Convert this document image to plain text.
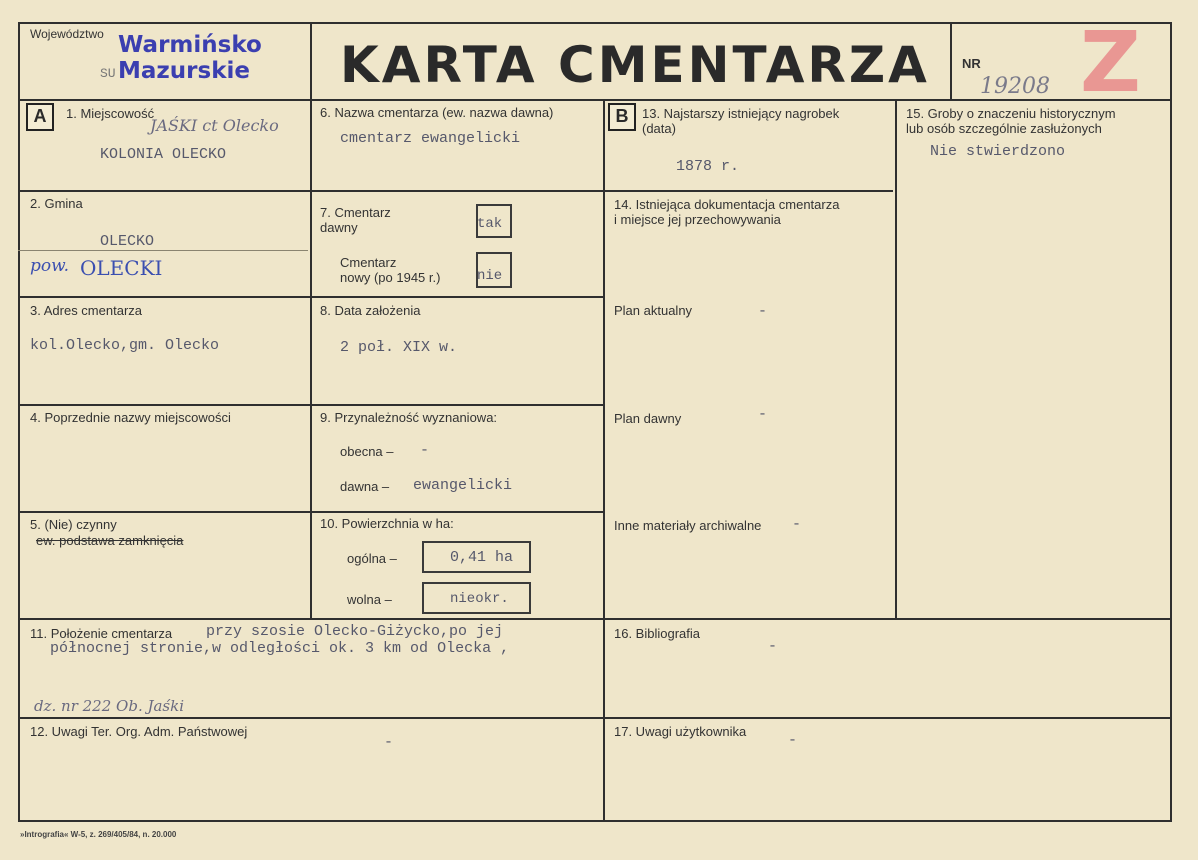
Województwo
SU
Warmińsko
Mazurskie KARTA CMENTARZA NR
19208 Z
A	B
1. Miejscowość
JAŚKI ct Olecko
KOLONIA OLECKO
2. Gmina
OLECKO
pow. OLECKI
3. Adres cmentarza
kol.Olecko,gm. Olecko
4. Poprzednie nazwy miejscowości
5. (Nie) czynny
ew. podstawa zamknięcia
6. Nazwa cmentarza (ew. nazwa dawna)
cmentarz ewangelicki
7. Cmentarz
dawny	tak
Cmentarz
nowy (po 1945 r.)	nie
8. Data założenia
2 poł. XIX w.
9. Przynależność wyznaniowa:
obecna – -
dawna – ewangelicki
10. Powierzchnia w ha:
ogólna –	0,41 ha
wolna –	nieokr.
11. Położenie cmentarza przy szosie Olecko-Giżycko,po jej
północnej stronie,w odległości ok. 3 km od Olecka ,
dz. nr 222 Ob. Jaśki
12. Uwagi Ter. Org. Adm. Państwowej
-
13. Najstarszy istniejący nagrobek
(data)
1878 r.
14. Istniejąca dokumentacja cmentarza
i miejsce jej przechowywania
Plan aktualny	-
Plan dawny	-
Inne materiały archiwalne -
15. Groby o znaczeniu historycznym
lub osób szczególnie zasłużonych
Nie stwierdzono
16. Bibliografia
-
17. Uwagi użytkownika
-
»Intrografia« W-5, z. 269/405/84, n. 20.000
